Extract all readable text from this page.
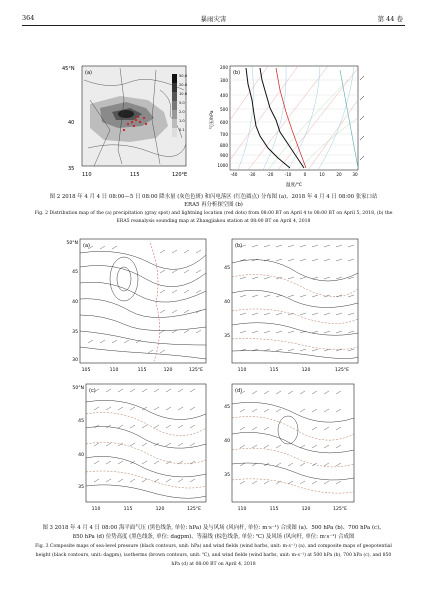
364	暴雨灾害	第 44 卷
50.0
20.0
10.0
5.0
2.0
1.0
0.1
(a)
45°N
40
35
110	115	120°E
(b)
200
300
400
500
600
700
800
900
1000
气压/hPa
-40	-30	-20	-10	0	10	20	30
温度/℃
图 2 2018 年 4 月 4 日 08:00—5 日 08:00 降水量 (灰色色斑) 和闪电落区 (红色圆点) 分布图 (a)、2018 年 4 月 4 日 08:00 张家口站
ERA5 再分析探空图 (b)
Fig. 2 Distribution map of the (a) precipitation (gray spot) and lightning location (red dots) from 08:00 BT on April 4 to 08:00 BT on April 5, 2018, (b) the
ERA5 reanalysis sounding map at Zhangjiakou station at 08:00 BT on April 4, 2018
(a)
50°N
45
40
35
30
105	110	115	120	125°E
(b)
45
40
35
110	115	120	125°E
(c)
50°N
45
40
35
110	115	120	125°E
(d)
45
40
35
110	115	120	125°E
图 3 2018 年 4 月 4 日 08:00 海平面气压 (黑色线条, 单位: hPa) 及与风场 (风向杆, 单位: m·s⁻¹) 合成图 (a)、500 hPa (b)、700 hPa (c)、
850 hPa (d) 位势高度 (黑色线条, 单位: dagpm)、等温线 (棕色线条, 单位: ℃) 及风场 (风向杆, 单位: m·s⁻¹) 合成图
Fig. 3 Composite maps of sea-level pressure (black contours, unit: hPa) and wind fields (wind barbs, unit: m·s⁻¹) (a), and composite maps of geopotential
height (black contours, unit: dagpm), isotherms (brown contours, unit: ℃), and wind fields (wind barbs, unit: m·s⁻¹) at 500 hPa (b), 700 hPa (c), and 850
hPa (d) at 08:00 BT on April 4, 2018
